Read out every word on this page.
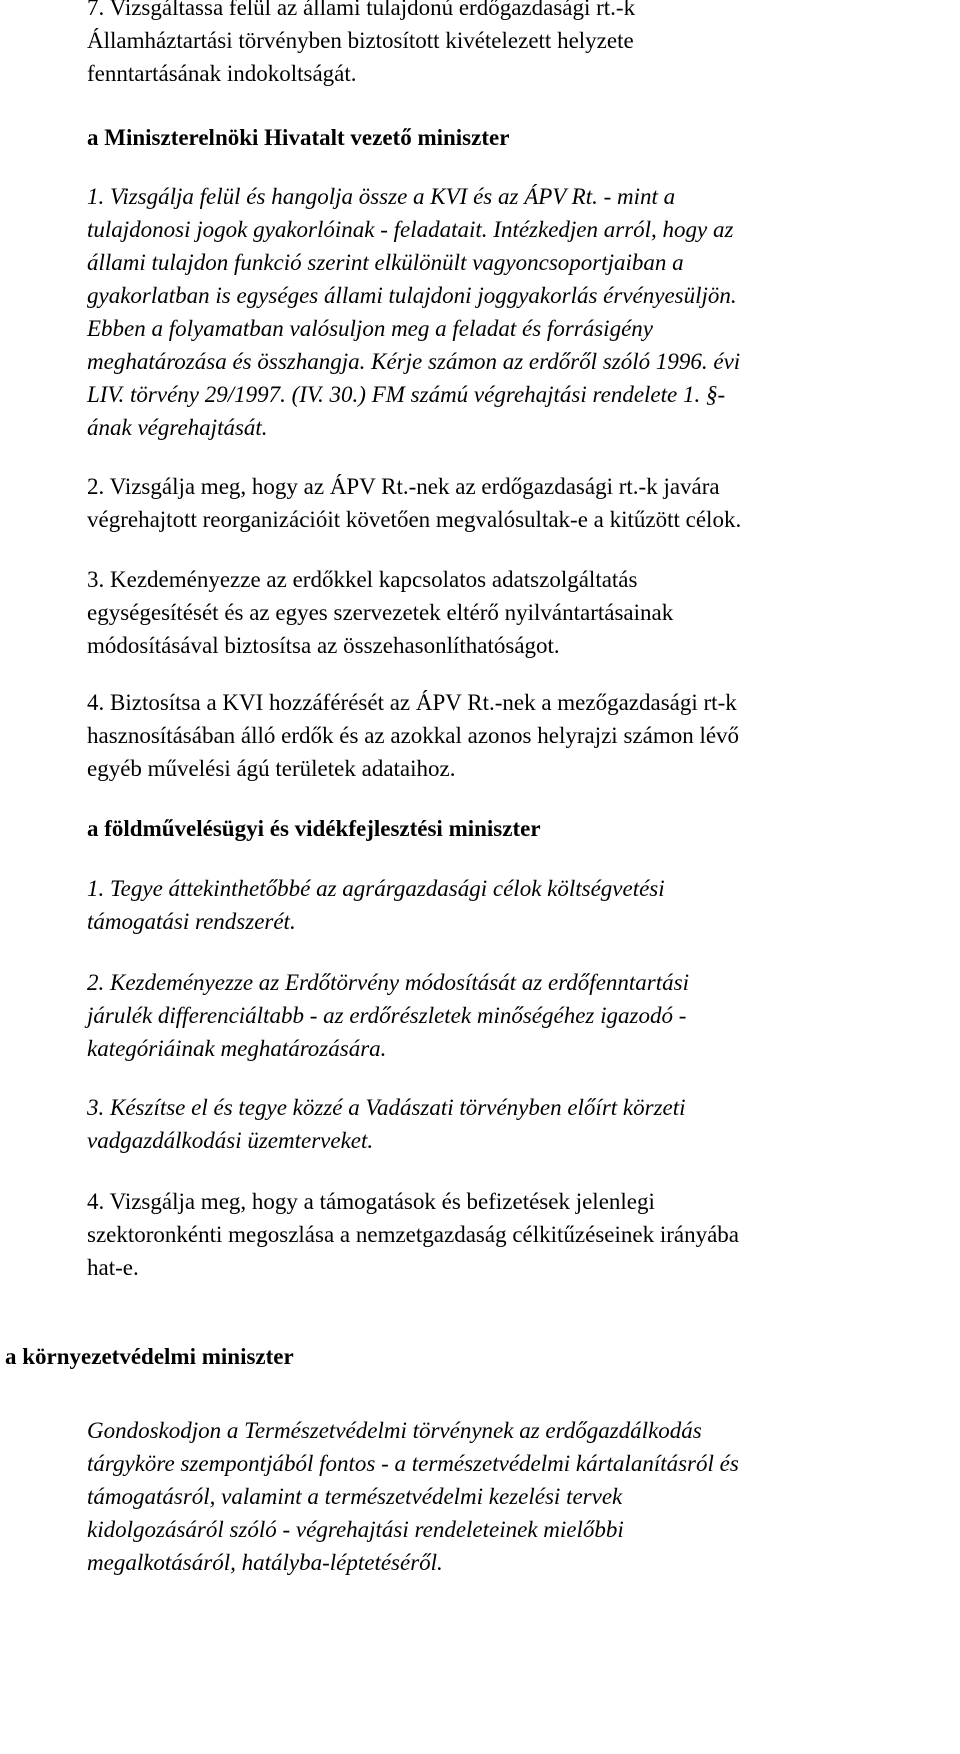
7. Vizsgáltassa felül az állami tulajdonú erdőgazdasági rt.-k
Államháztartási törvényben biztosított kivételezett helyzete
fenntartásának indokoltságát.

a Miniszterelnöki Hivatalt vezető miniszter

1. Vizsgálja felül és hangolja össze a KVI és az ÁPV Rt. - mint a
tulajdonosi jogok gyakorlóinak - feladatait. Intézkedjen arról, hogy az
állami tulajdon funkció szerint elkülönült vagyoncsoportjaiban a
gyakorlatban is egységes állami tulajdoni joggyakorlás érvényesüljön.
Ebben a folyamatban valósuljon meg a feladat és forrásigény
meghatározása és összhangja. Kérje számon az erdőről szóló 1996. évi
LIV. törvény 29/1997. (IV. 30.) FM számú végrehajtási rendelete 1. §-
ának végrehajtását.

2. Vizsgálja meg, hogy az ÁPV Rt.-nek az erdőgazdasági rt.-k javára
végrehajtott reorganizációit követően megvalósultak-e a kitűzött célok.

3. Kezdeményezze az erdőkkel kapcsolatos adatszolgáltatás
egységesítését és az egyes szervezetek eltérő nyilvántartásainak
módosításával biztosítsa az összehasonlíthatóságot.

4. Biztosítsa a KVI hozzáférését az ÁPV Rt.-nek a mezőgazdasági rt-k
hasznosításában álló erdők és az azokkal azonos helyrajzi számon lévő
egyéb művelési ágú területek adataihoz.

a földművelésügyi és vidékfejlesztési miniszter

1. Tegye áttekinthetőbbé az agrárgazdasági célok költségvetési
támogatási rendszerét.

2. Kezdeményezze az Erdőtörvény módosítását az erdőfenntartási
járulék differenciáltabb - az erdőrészletek minőségéhez igazodó -
kategóriáinak meghatározására.

3. Készítse el és tegye közzé a Vadászati törvényben előírt körzeti
vadgazdálkodási üzemterveket.

4. Vizsgálja meg, hogy a támogatások és befizetések jelenlegi
szektoronkénti megoszlása a nemzetgazdaság célkitűzéseinek irányába
hat-e.

a környezetvédelmi miniszter

Gondoskodjon a Természetvédelmi törvénynek az erdőgazdálkodás
tárgyköre szempontjából fontos - a természetvédelmi kártalanításról és
támogatásról, valamint a természetvédelmi kezelési tervek
kidolgozásáról szóló - végrehajtási rendeleteinek mielőbbi
megalkotásáról, hatályba-léptetéséről.
